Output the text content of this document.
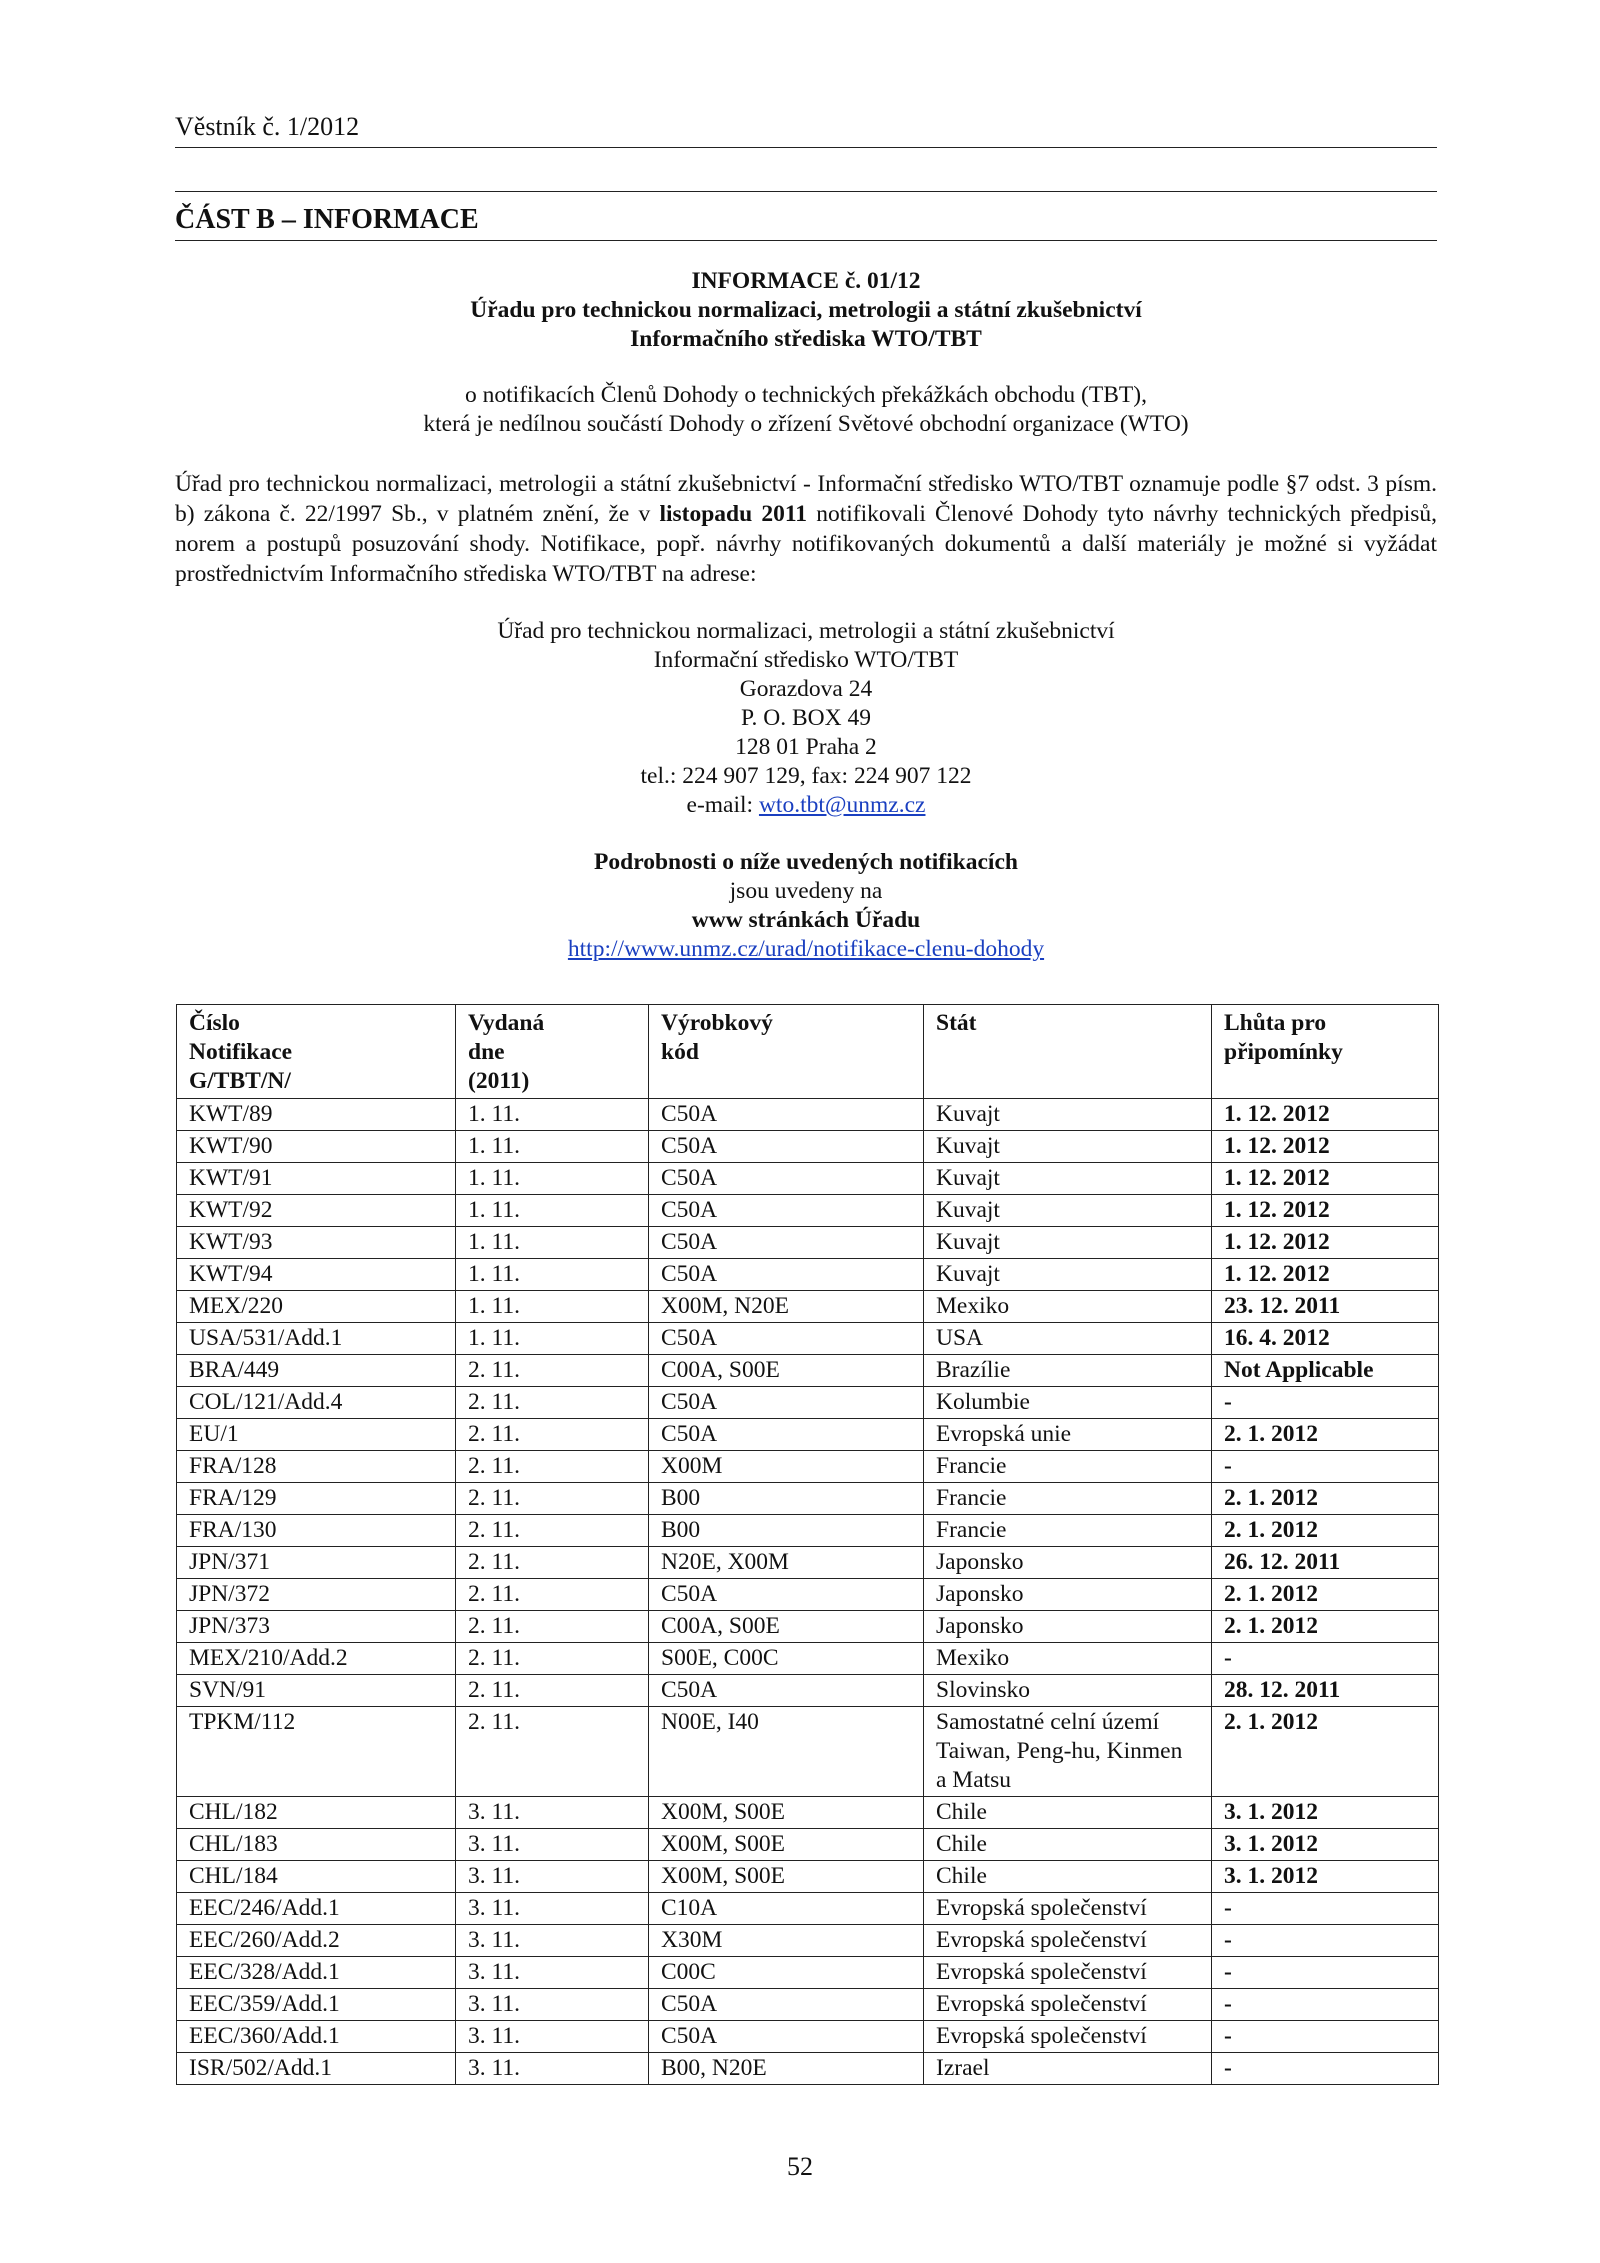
Věstník č. 1/2012
ČÁST B – INFORMACE
INFORMACE č. 01/12
Úřadu pro technickou normalizaci, metrologii a státní zkušebnictví
Informačního střediska WTO/TBT
o notifikacích Členů Dohody o technických překážkách obchodu (TBT),
která je nedílnou součástí Dohody o zřízení Světové obchodní organizace (WTO)
Úřad pro technickou normalizaci, metrologii a státní zkušebnictví - Informační středisko WTO/TBT oznamuje podle §7 odst. 3 písm. b) zákona č. 22/1997 Sb., v platném znění, že v listopadu 2011 notifikovali Členové Dohody tyto návrhy technických předpisů, norem a postupů posuzování shody. Notifikace, popř. návrhy notifikovaných dokumentů a další materiály je možné si vyžádat prostřednictvím Informačního střediska WTO/TBT na adrese:
Úřad pro technickou normalizaci, metrologii a státní zkušebnictví
Informační středisko WTO/TBT
Gorazdova 24
P. O. BOX 49
128 01 Praha 2
tel.: 224 907 129, fax: 224 907 122
e-mail: wto.tbt@unmz.cz
Podrobnosti o níže uvedených notifikacích
jsou uvedeny na
www stránkách Úřadu
http://www.unmz.cz/urad/notifikace-clenu-dohody
Číslo
Notifikace
G/TBT/N/	Vydaná
dne
(2011)	Výrobkový
kód	Stát	Lhůta pro
připomínky
KWT/89	1. 11.	C50A	Kuvajt	1. 12. 2012
KWT/90	1. 11.	C50A	Kuvajt	1. 12. 2012
KWT/91	1. 11.	C50A	Kuvajt	1. 12. 2012
KWT/92	1. 11.	C50A	Kuvajt	1. 12. 2012
KWT/93	1. 11.	C50A	Kuvajt	1. 12. 2012
KWT/94	1. 11.	C50A	Kuvajt	1. 12. 2012
MEX/220	1. 11.	X00M, N20E	Mexiko	23. 12. 2011
USA/531/Add.1	1. 11.	C50A	USA	16. 4. 2012
BRA/449	2. 11.	C00A, S00E	Brazílie	Not Applicable
COL/121/Add.4	2. 11.	C50A	Kolumbie	-
EU/1	2. 11.	C50A	Evropská unie	2. 1. 2012
FRA/128	2. 11.	X00M	Francie	-
FRA/129	2. 11.	B00	Francie	2. 1. 2012
FRA/130	2. 11.	B00	Francie	2. 1. 2012
JPN/371	2. 11.	N20E, X00M	Japonsko	26. 12. 2011
JPN/372	2. 11.	C50A	Japonsko	2. 1. 2012
JPN/373	2. 11.	C00A, S00E	Japonsko	2. 1. 2012
MEX/210/Add.2	2. 11.	S00E, C00C	Mexiko	-
SVN/91	2. 11.	C50A	Slovinsko	28. 12. 2011
TPKM/112	2. 11.	N00E, I40	Samostatné celní území
Taiwan, Peng-hu, Kinmen
a Matsu	2. 1. 2012
CHL/182	3. 11.	X00M, S00E	Chile	3. 1. 2012
CHL/183	3. 11.	X00M, S00E	Chile	3. 1. 2012
CHL/184	3. 11.	X00M, S00E	Chile	3. 1. 2012
EEC/246/Add.1	3. 11.	C10A	Evropská společenství	-
EEC/260/Add.2	3. 11.	X30M	Evropská společenství	-
EEC/328/Add.1	3. 11.	C00C	Evropská společenství	-
EEC/359/Add.1	3. 11.	C50A	Evropská společenství	-
EEC/360/Add.1	3. 11.	C50A	Evropská společenství	-
ISR/502/Add.1	3. 11.	B00, N20E	Izrael	-
52
